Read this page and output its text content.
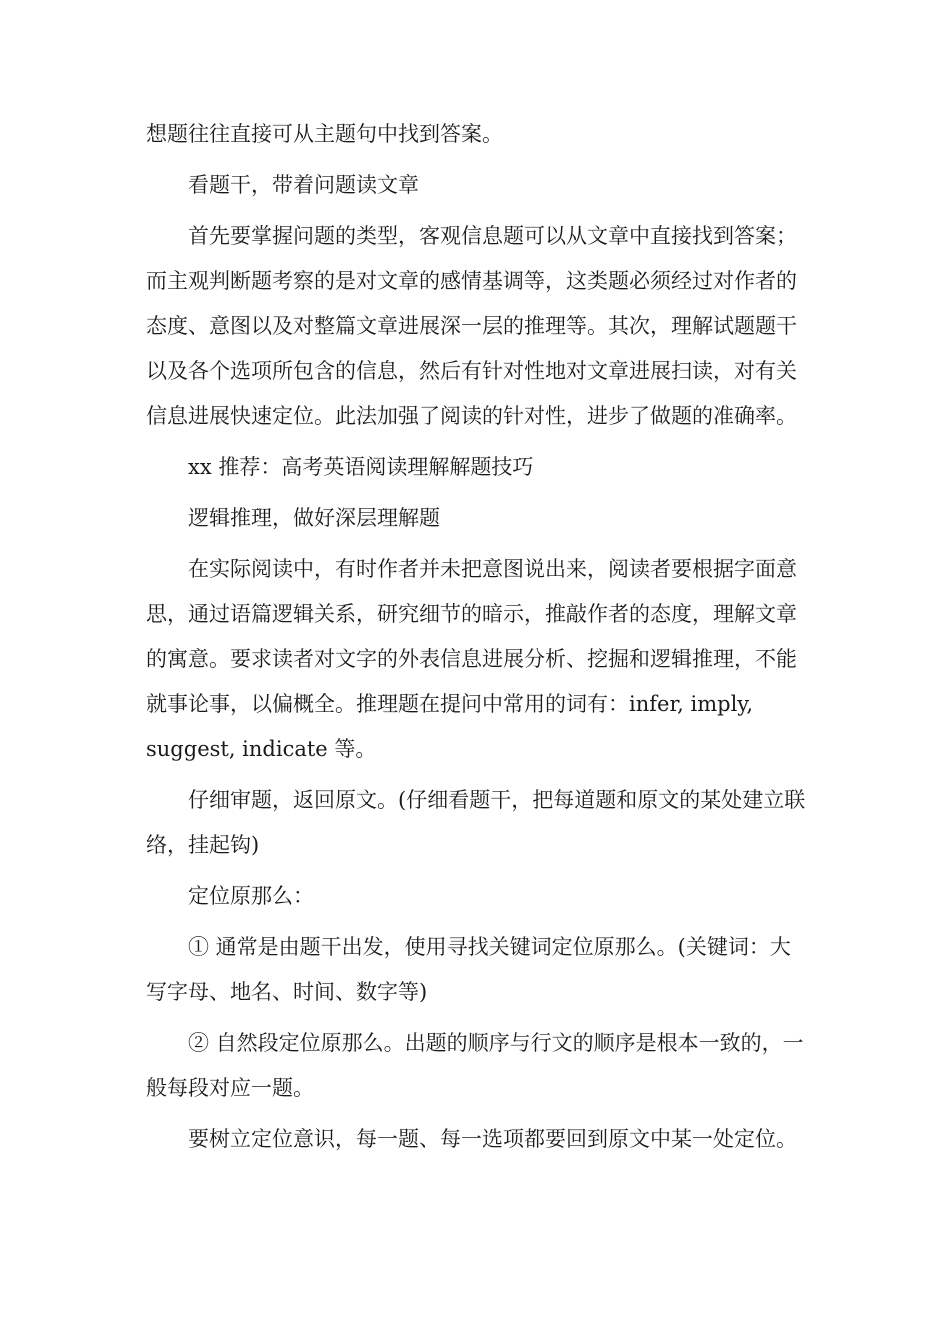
想题往往直接可从主题句中找到答案。

看题干，带着问题读文章

首先要掌握问题的类型，客观信息题可以从文章中直接找到答案；而主观判断题考察的是对文章的感情基调等，这类题必须经过对作者的态度、意图以及对整篇文章进展深一层的推理等。其次，理解试题题干以及各个选项所包含的信息，然后有针对性地对文章进展扫读，对有关信息进展快速定位。此法加强了阅读的针对性，进步了做题的准确率。

xx 推荐：高考英语阅读理解解题技巧

逻辑推理，做好深层理解题

在实际阅读中，有时作者并未把意图说出来，阅读者要根据字面意思，通过语篇逻辑关系，研究细节的暗示，推敲作者的态度，理解文章的寓意。要求读者对文字的外表信息进展分析、挖掘和逻辑推理，不能就事论事，以偏概全。推理题在提问中常用的词有：infer, imply, suggest, indicate 等。

仔细审题，返回原文。(仔细看题干，把每道题和原文的某处建立联络，挂起钩)

定位原那么：

① 通常是由题干出发，使用寻找关键词定位原那么。(关键词：大写字母、地名、时间、数字等)

② 自然段定位原那么。出题的顺序与行文的顺序是根本一致的，一般每段对应一题。

要树立定位意识，每一题、每一选项都要回到原文中某一处定位。
